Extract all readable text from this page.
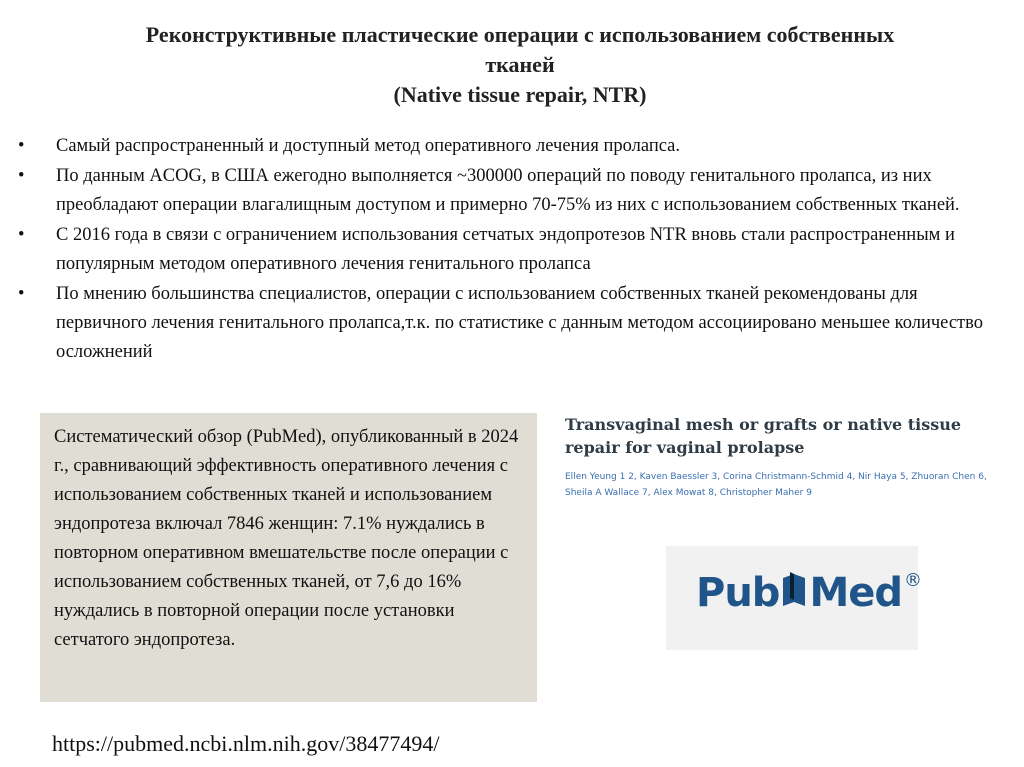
Реконструктивные пластические операции с использованием собственных
тканей
(Native tissue repair, NTR)
• Самый распространенный и доступный метод оперативного лечения пролапса.
• По данным ACOG, в США ежегодно выполняется ~300000 операций по поводу генитального пролапса, из них преобладают операции влагалищным доступом и примерно 70-75% из них с использованием собственных тканей.
• С 2016 года в связи с ограничением использования сетчатых эндопротезов NTR вновь стали распространенным и популярным методом оперативного лечения генитального пролапса
• По мнению большинства специалистов, операции с использованием собственных тканей рекомендованы для первичного лечения генитального пролапса,т.к. по статистике с данным методом ассоциировано меньшее количество осложнений
Систематический обзор (PubMed), опубликованный в 2024 г., сравнивающий эффективность оперативного лечения с использованием собственных тканей и использованием эндопротеза включал 7846 женщин: 7.1% нуждались в повторном оперативном вмешательстве после операции с использованием собственных тканей, от 7,6 до 16% нуждались в повторной операции после установки сетчатого эндопротеза.
Transvaginal mesh or grafts or native tissue repair for vaginal prolapse
Ellen Yeung 1 2, Kaven Baessler 3, Corina Christmann-Schmid 4, Nir Haya 5, Zhuoran Chen 6, Sheila A Wallace 7, Alex Mowat 8, Christopher Maher 9
Pub Med ®
https://pubmed.ncbi.nlm.nih.gov/38477494/
